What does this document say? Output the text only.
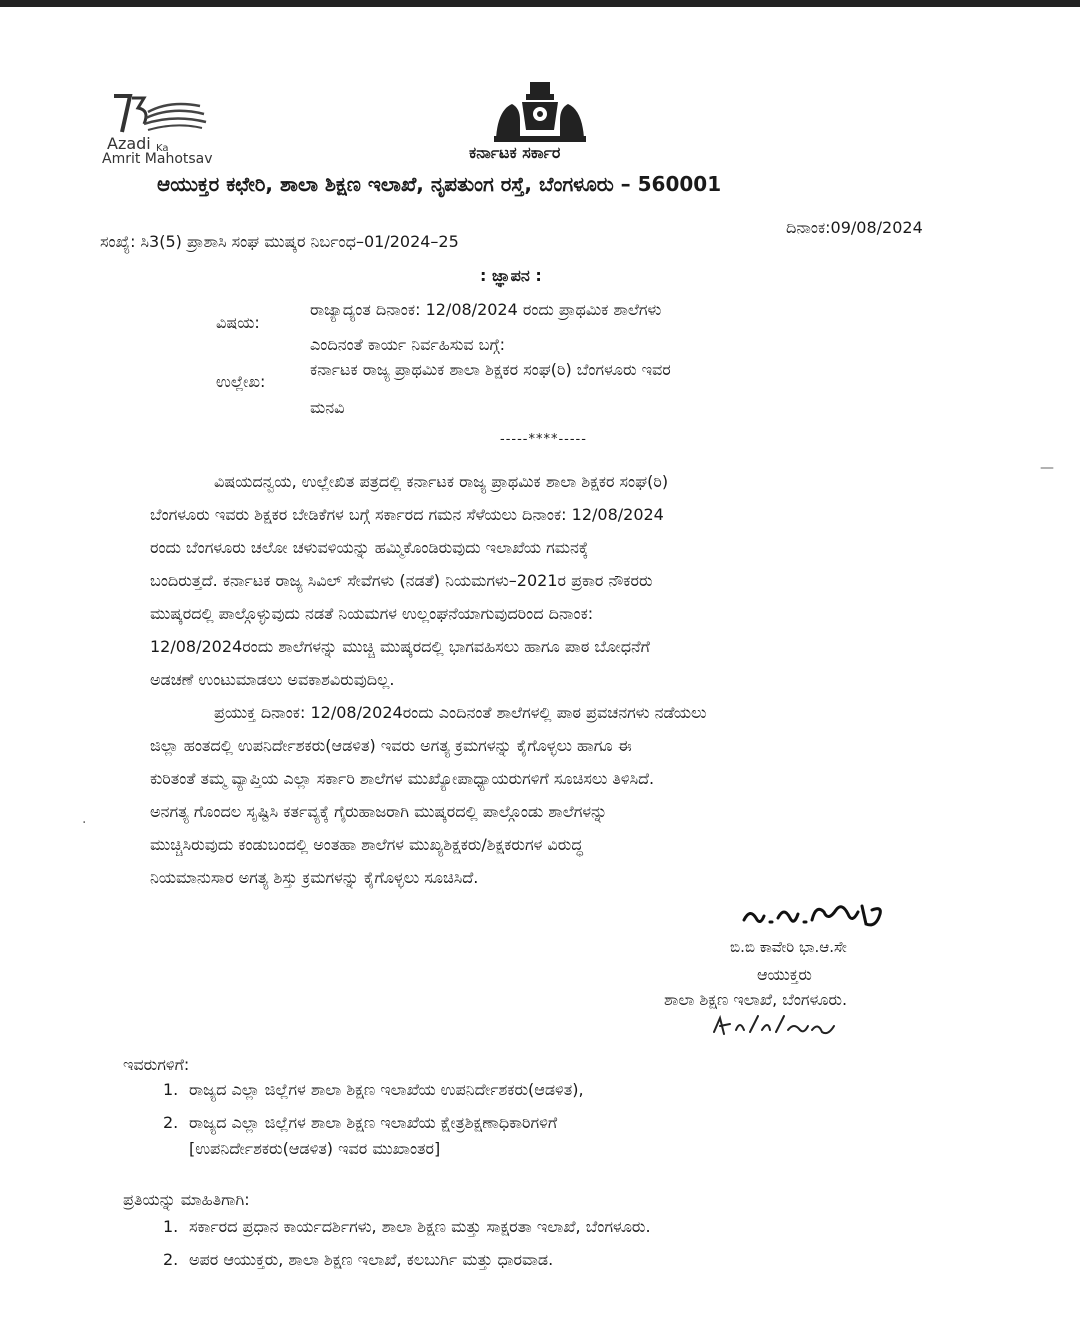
Azadi Ka
Amrit Mahotsav	ಕರ್ನಾಟಕ ಸರ್ಕಾರ
ಆಯುಕ್ತರ ಕಛೇರಿ, ಶಾಲಾ ಶಿಕ್ಷಣ ಇಲಾಖೆ, ನೃಪತುಂಗ ರಸ್ತೆ, ಬೆಂಗಳೂರು – 560001
ದಿನಾಂಕ:09/08/2024
ಸಂಖ್ಯೆ: ಸಿ3(5) ಪ್ರಾಶಾಸಿ ಸಂಘ ಮುಷ್ಕರ ನಿರ್ಬಂಧ–01/2024–25
: ಜ್ಞಾಪನ :
ವಿಷಯ:
ರಾಜ್ಯಾದ್ಯಂತ ದಿನಾಂಕ: 12/08/2024 ರಂದು ಪ್ರಾಥಮಿಕ ಶಾಲೆಗಳು
ಎಂದಿನಂತೆ ಕಾರ್ಯ ನಿರ್ವಹಿಸುವ ಬಗ್ಗೆ:
ಉಲ್ಲೇಖ:
ಕರ್ನಾಟಕ ರಾಜ್ಯ ಪ್ರಾಥಮಿಕ ಶಾಲಾ ಶಿಕ್ಷಕರ ಸಂಘ(ರಿ) ಬೆಂಗಳೂರು ಇವರ
ಮನವಿ
-----****-----
ವಿಷಯದನ್ವಯ, ಉಲ್ಲೇಖಿತ ಪತ್ರದಲ್ಲಿ ಕರ್ನಾಟಕ ರಾಜ್ಯ ಪ್ರಾಥಮಿಕ ಶಾಲಾ ಶಿಕ್ಷಕರ ಸಂಘ(ರಿ)
ಬೆಂಗಳೂರು ಇವರು ಶಿಕ್ಷಕರ ಬೇಡಿಕೆಗಳ ಬಗ್ಗೆ ಸರ್ಕಾರದ ಗಮನ ಸೆಳೆಯಲು ದಿನಾಂಕ: 12/08/2024
ರಂದು ಬೆಂಗಳೂರು ಚಲೋ ಚಳುವಳಿಯನ್ನು ಹಮ್ಮಿಕೊಂಡಿರುವುದು ಇಲಾಖೆಯ ಗಮನಕ್ಕೆ
ಬಂದಿರುತ್ತದೆ. ಕರ್ನಾಟಕ ರಾಜ್ಯ ಸಿವಿಲ್ ಸೇವೆಗಳು (ನಡತೆ) ನಿಯಮಗಳು–2021ರ ಪ್ರಕಾರ ನೌಕರರು
ಮುಷ್ಕರದಲ್ಲಿ ಪಾಲ್ಗೊಳ್ಳುವುದು ನಡತೆ ನಿಯಮಗಳ ಉಲ್ಲಂಘನೆಯಾಗುವುದರಿಂದ ದಿನಾಂಕ:
12/08/2024ರಂದು ಶಾಲೆಗಳನ್ನು ಮುಚ್ಚಿ ಮುಷ್ಕರದಲ್ಲಿ ಭಾಗವಹಿಸಲು ಹಾಗೂ ಪಾಠ ಬೋಧನೆಗೆ
ಅಡಚಣೆ ಉಂಟುಮಾಡಲು ಅವಕಾಶವಿರುವುದಿಲ್ಲ.
ಪ್ರಯುಕ್ತ ದಿನಾಂಕ: 12/08/2024ರಂದು ಎಂದಿನಂತೆ ಶಾಲೆಗಳಲ್ಲಿ ಪಾಠ ಪ್ರವಚನಗಳು ನಡೆಯಲು
ಜಿಲ್ಲಾ ಹಂತದಲ್ಲಿ ಉಪನಿರ್ದೇಶಕರು(ಆಡಳಿತ) ಇವರು ಅಗತ್ಯ ಕ್ರಮಗಳನ್ನು ಕೈಗೊಳ್ಳಲು ಹಾಗೂ ಈ
ಕುರಿತಂತೆ ತಮ್ಮ ವ್ಯಾಪ್ತಿಯ ಎಲ್ಲಾ ಸರ್ಕಾರಿ ಶಾಲೆಗಳ ಮುಖ್ಯೋಪಾಧ್ಯಾಯರುಗಳಿಗೆ ಸೂಚಿಸಲು ತಿಳಿಸಿದೆ.
ಅನಗತ್ಯ ಗೊಂದಲ ಸೃಷ್ಟಿಸಿ ಕರ್ತವ್ಯಕ್ಕೆ ಗೈರುಹಾಜರಾಗಿ ಮುಷ್ಕರದಲ್ಲಿ ಪಾಲ್ಗೊಂಡು ಶಾಲೆಗಳನ್ನು
ಮುಚ್ಚಿಸಿರುವುದು ಕಂಡುಬಂದಲ್ಲಿ ಅಂತಹಾ ಶಾಲೆಗಳ ಮುಖ್ಯಶಿಕ್ಷಕರು/ಶಿಕ್ಷಕರುಗಳ ವಿರುದ್ಧ
ನಿಯಮಾನುಸಾರ ಅಗತ್ಯ ಶಿಸ್ತು ಕ್ರಮಗಳನ್ನು ಕೈಗೊಳ್ಳಲು ಸೂಚಿಸಿದೆ.
ಬಿ.ಬಿ ಕಾವೇರಿ ಭಾ.ಆ.ಸೇ
ಆಯುಕ್ತರು
ಶಾಲಾ ಶಿಕ್ಷಣ ಇಲಾಖೆ, ಬೆಂಗಳೂರು.
ಇವರುಗಳಿಗೆ:
1. ರಾಜ್ಯದ ಎಲ್ಲಾ ಜಿಲ್ಲೆಗಳ ಶಾಲಾ ಶಿಕ್ಷಣ ಇಲಾಖೆಯ ಉಪನಿರ್ದೇಶಕರು(ಆಡಳಿತ),
2. ರಾಜ್ಯದ ಎಲ್ಲಾ ಜಿಲ್ಲೆಗಳ ಶಾಲಾ ಶಿಕ್ಷಣ ಇಲಾಖೆಯ ಕ್ಷೇತ್ರಶಿಕ್ಷಣಾಧಿಕಾರಿಗಳಿಗೆ
[ಉಪನಿರ್ದೇಶಕರು(ಆಡಳಿತ) ಇವರ ಮುಖಾಂತರ]
ಪ್ರತಿಯನ್ನು ಮಾಹಿತಿಗಾಗಿ:
1. ಸರ್ಕಾರದ ಪ್ರಧಾನ ಕಾರ್ಯದರ್ಶಿಗಳು, ಶಾಲಾ ಶಿಕ್ಷಣ ಮತ್ತು ಸಾಕ್ಷರತಾ ಇಲಾಖೆ, ಬೆಂಗಳೂರು.
2. ಅಪರ ಆಯುಕ್ತರು, ಶಾಲಾ ಶಿಕ್ಷಣ ಇಲಾಖೆ, ಕಲಬುರ್ಗಿ ಮತ್ತು ಧಾರವಾಡ.
—
·
